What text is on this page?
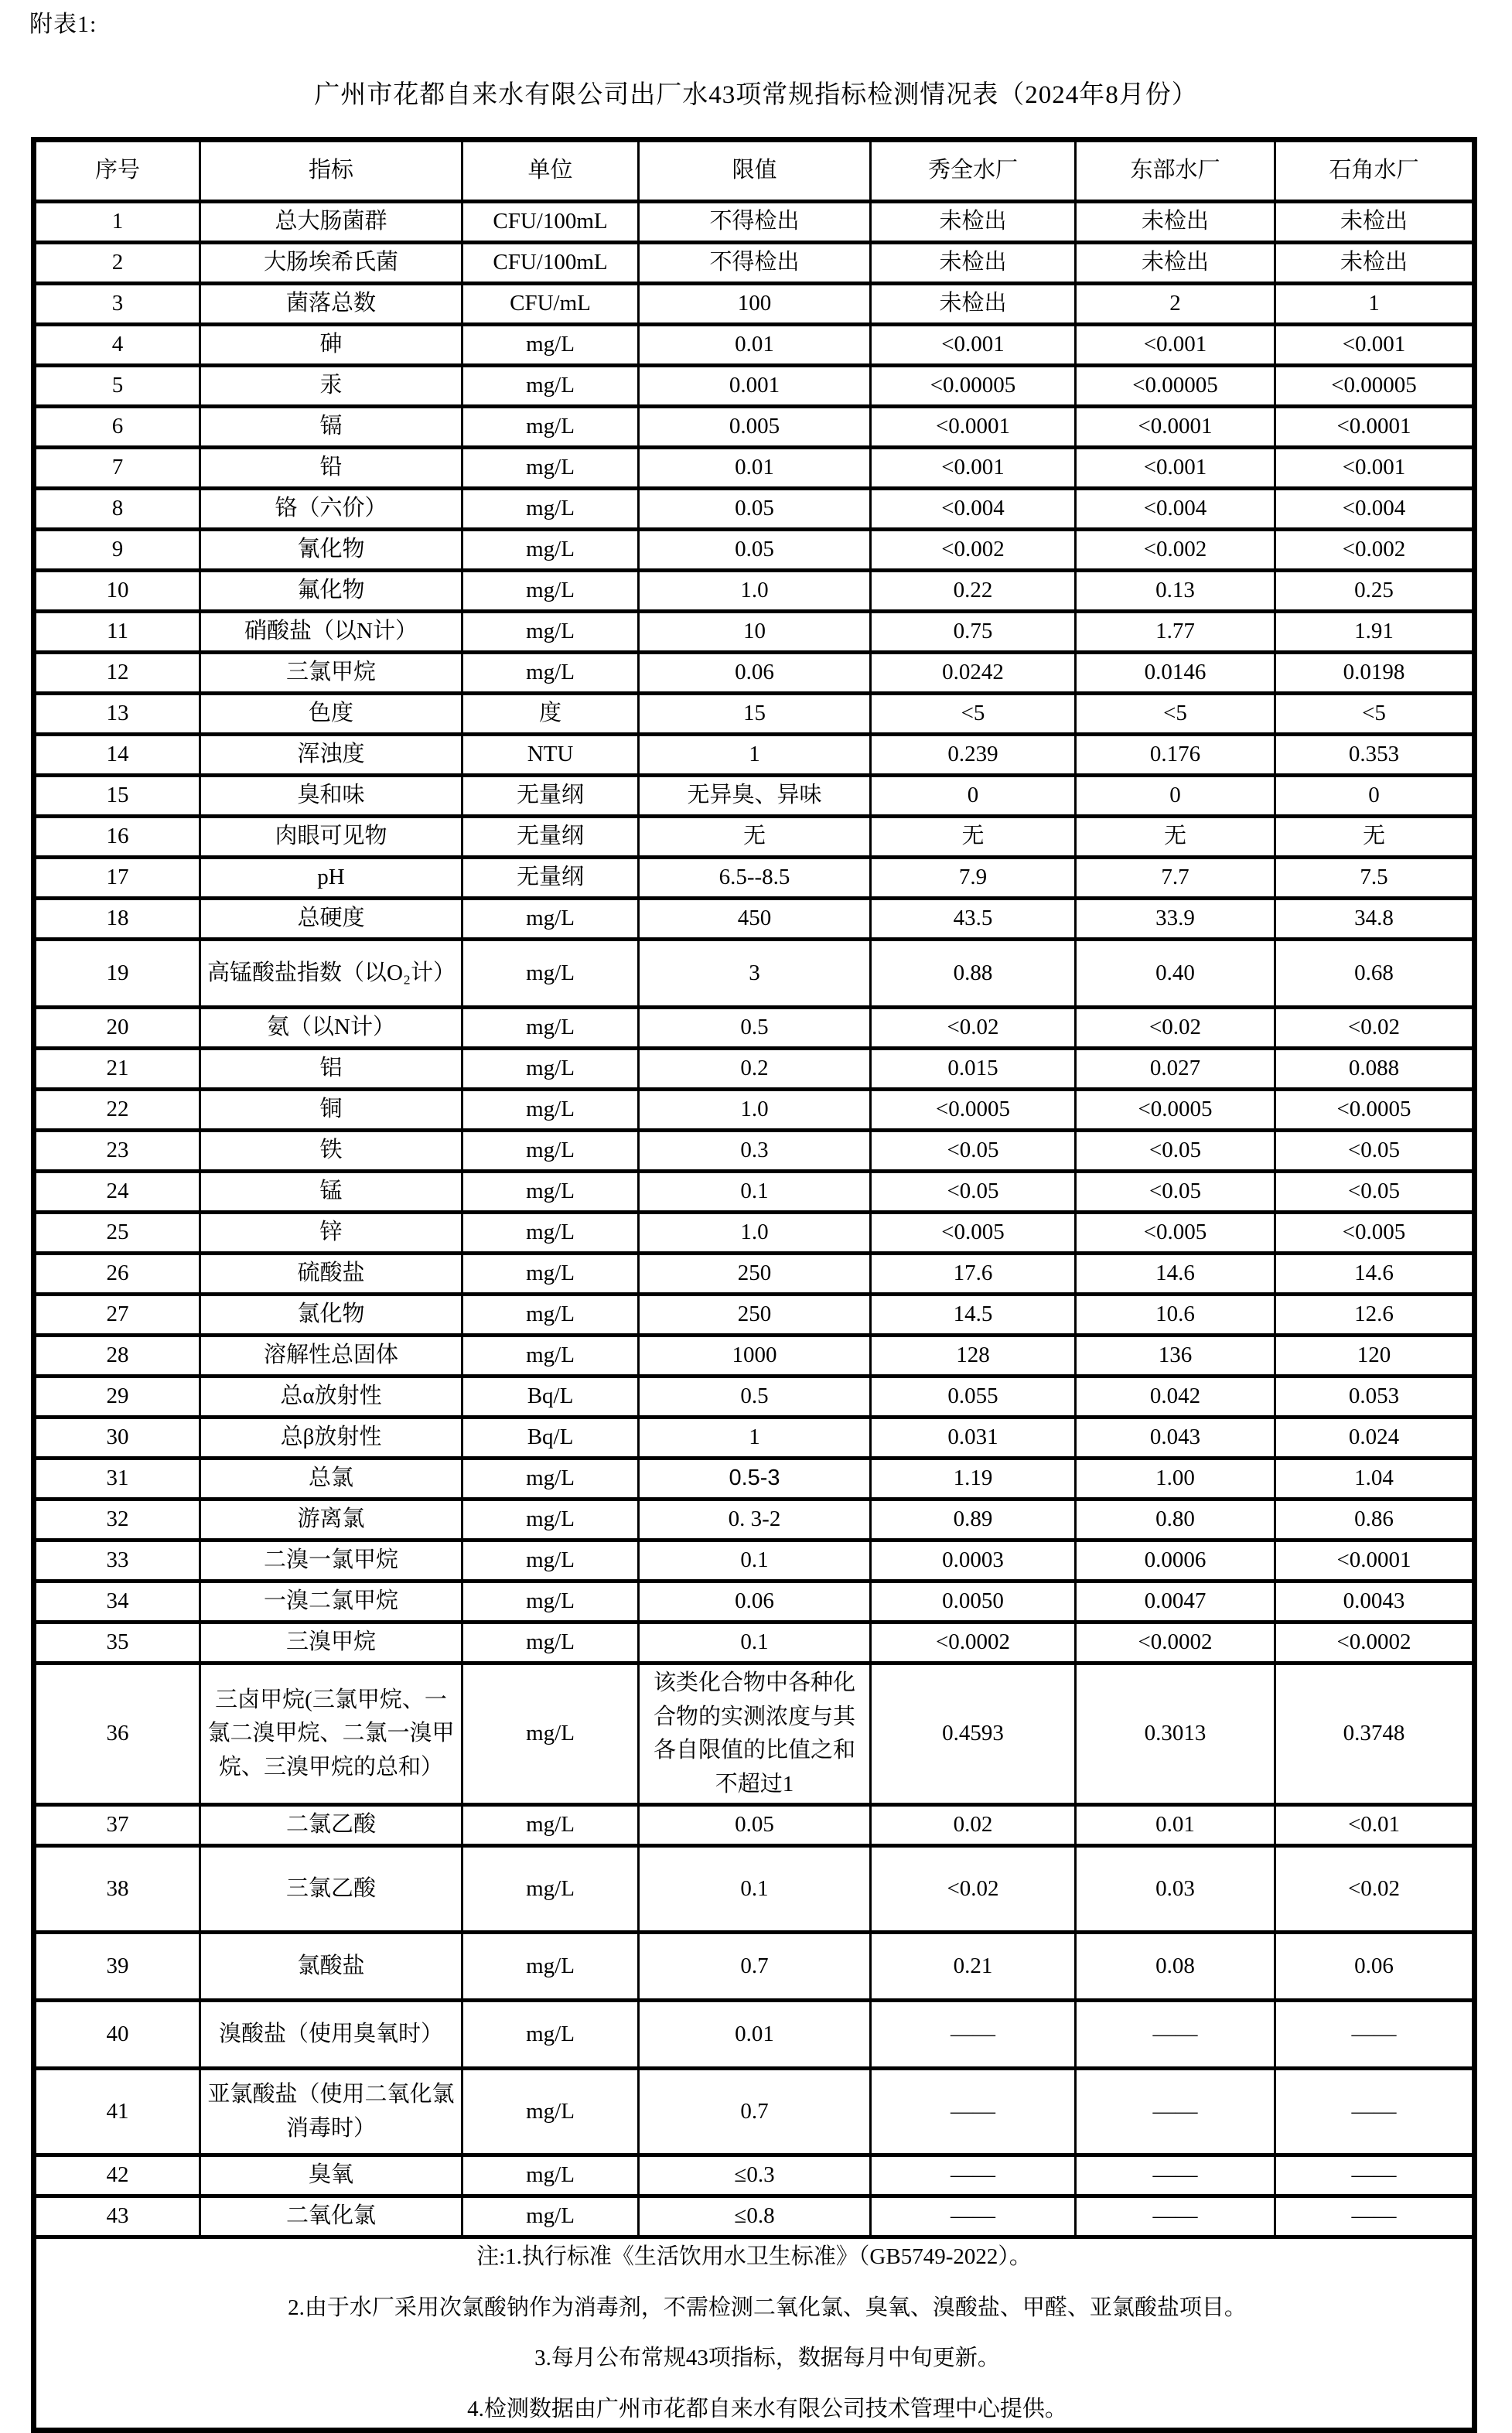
附表1:
广州市花都自来水有限公司出厂水43项常规指标检测情况表（2024年8月份）
序号	指标	单位	限值	秀全水厂	东部水厂	石角水厂
1	总大肠菌群	CFU/100mL	不得检出	未检出	未检出	未检出
2	大肠埃希氏菌	CFU/100mL	不得检出	未检出	未检出	未检出
3	菌落总数	CFU/mL	100	未检出	2	1
4	砷	mg/L	0.01	<0.001	<0.001	<0.001
5	汞	mg/L	0.001	<0.00005	<0.00005	<0.00005
6	镉	mg/L	0.005	<0.0001	<0.0001	<0.0001
7	铅	mg/L	0.01	<0.001	<0.001	<0.001
8	铬（六价）	mg/L	0.05	<0.004	<0.004	<0.004
9	氰化物	mg/L	0.05	<0.002	<0.002	<0.002
10	氟化物	mg/L	1.0	0.22	0.13	0.25
11	硝酸盐（以N计）	mg/L	10	0.75	1.77	1.91
12	三氯甲烷	mg/L	0.06	0.0242	0.0146	0.0198
13	色度	度	15	<5	<5	<5
14	浑浊度	NTU	1	0.239	0.176	0.353
15	臭和味	无量纲	无异臭、异味	0	0	0
16	肉眼可见物	无量纲	无	无	无	无
17	pH	无量纲	6.5--8.5	7.9	7.7	7.5
18	总硬度	mg/L	450	43.5	33.9	34.8
19	高锰酸盐指数（以O₂计）	mg/L	3	0.88	0.40	0.68
20	氨（以N计）	mg/L	0.5	<0.02	<0.02	<0.02
21	铝	mg/L	0.2	0.015	0.027	0.088
22	铜	mg/L	1.0	<0.0005	<0.0005	<0.0005
23	铁	mg/L	0.3	<0.05	<0.05	<0.05
24	锰	mg/L	0.1	<0.05	<0.05	<0.05
25	锌	mg/L	1.0	<0.005	<0.005	<0.005
26	硫酸盐	mg/L	250	17.6	14.6	14.6
27	氯化物	mg/L	250	14.5	10.6	12.6
28	溶解性总固体	mg/L	1000	128	136	120
29	总α放射性	Bq/L	0.5	0.055	0.042	0.053
30	总β放射性	Bq/L	1	0.031	0.043	0.024
31	总氯	mg/L	0.5-3	1.19	1.00	1.04
32	游离氯	mg/L	0. 3-2	0.89	0.80	0.86
33	二溴一氯甲烷	mg/L	0.1	0.0003	0.0006	<0.0001
34	一溴二氯甲烷	mg/L	0.06	0.0050	0.0047	0.0043
35	三溴甲烷	mg/L	0.1	<0.0002	<0.0002	<0.0002
36	三卤甲烷(三氯甲烷、一氯二溴甲烷、二氯一溴甲烷、三溴甲烷的总和）	mg/L	该类化合物中各种化合物的实测浓度与其各自限值的比值之和不超过1	0.4593	0.3013	0.3748
37	二氯乙酸	mg/L	0.05	0.02	0.01	<0.01
38	三氯乙酸	mg/L	0.1	<0.02	0.03	<0.02
39	氯酸盐	mg/L	0.7	0.21	0.08	0.06
40	溴酸盐（使用臭氧时）	mg/L	0.01	——	——	——
41	亚氯酸盐（使用二氧化氯消毒时）	mg/L	0.7	——	——	——
42	臭氧	mg/L	≤0.3	——	——	——
43	二氧化氯	mg/L	≤0.8	——	——	——

注:1.执行标准《生活饮用水卫生标准》（GB5749-2022）。
2.由于水厂采用次氯酸钠作为消毒剂，不需检测二氧化氯、臭氧、溴酸盐、甲醛、亚氯酸盐项目。
3.每月公布常规43项指标，数据每月中旬更新。
4.检测数据由广州市花都自来水有限公司技术管理中心提供。						
